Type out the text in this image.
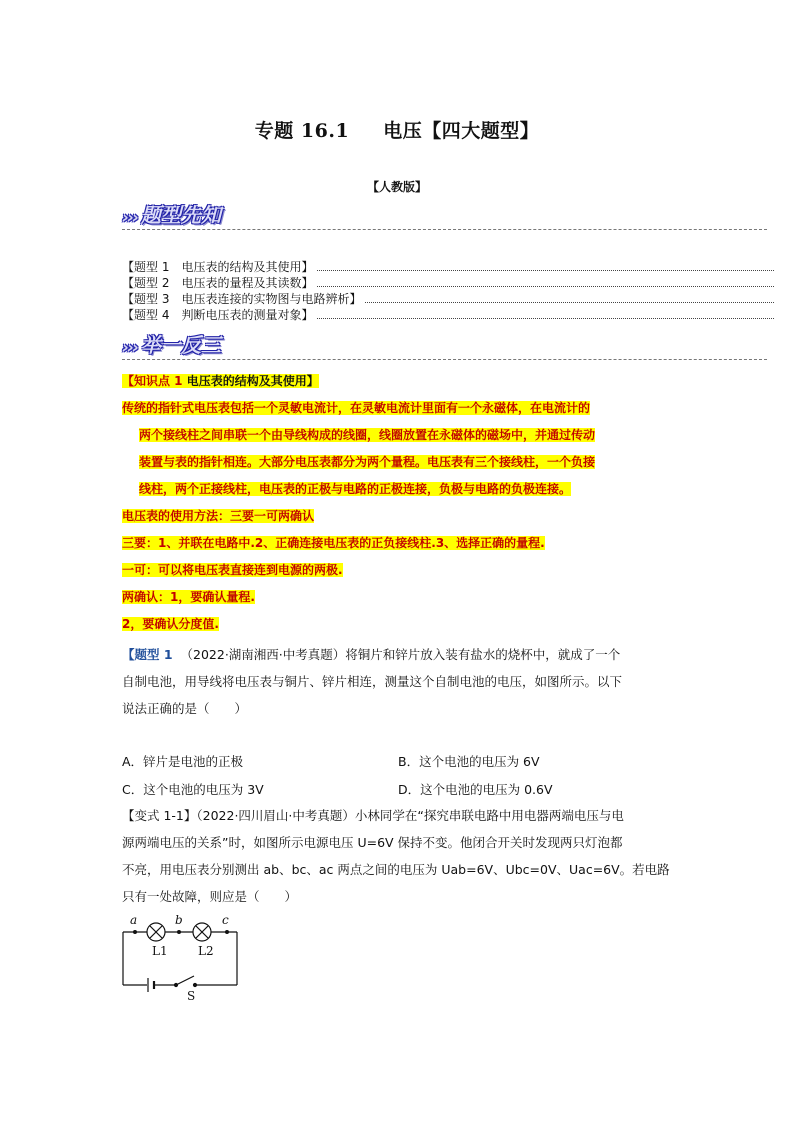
专题 16.1 电压【四大题型】
【人教版】
››› 题型先知
【题型 1　电压表的结构及其使用】
【题型 2　电压表的量程及其读数】
【题型 3　电压表连接的实物图与电路辨析】
【题型 4　判断电压表的测量对象】
››› 举一反三
【知识点 1 电压表的结构及其使用】
传统的指针式电压表包括一个灵敏电流计，在灵敏电流计里面有一个永磁体，在电流计的
两个接线柱之间串联一个由导线构成的线圈，线圈放置在永磁体的磁场中，并通过传动
装置与表的指针相连。大部分电压表都分为两个量程。电压表有三个接线柱，一个负接
线柱，两个正接线柱，电压表的正极与电路的正极连接，负极与电路的负极连接。
电压表的使用方法：三要一可两确认
三要：1、并联在电路中.2、正确连接电压表的正负接线柱.3、选择正确的量程.
一可：可以将电压表直接连到电源的两极.
两确认：1，要确认量程.
2，要确认分度值.
【题型 1 （2022·湖南湘西·中考真题）将铜片和锌片放入装有盐水的烧杯中，就成了一个
自制电池，用导线将电压表与铜片、锌片相连，测量这个自制电池的电压，如图所示。以下
说法正确的是（　　）
A．锌片是电池的正极	B．这个电池的电压为 6V
C．这个电池的电压为 3V	D．这个电池的电压为 0.6V
【变式 1-1】（2022·四川眉山·中考真题）小林同学在“探究串联电路中用电器两端电压与电
源两端电压的关系”时，如图所示电源电压 U=6V 保持不变。他闭合开关时发现两只灯泡都
不亮，用电压表分别测出 ab、bc、ac 两点之间的电压为 Uab=6V、Ubc=0V、Uac=6V。若电路
只有一处故障，则应是（　　）
a	b	c
L1	L2
S
